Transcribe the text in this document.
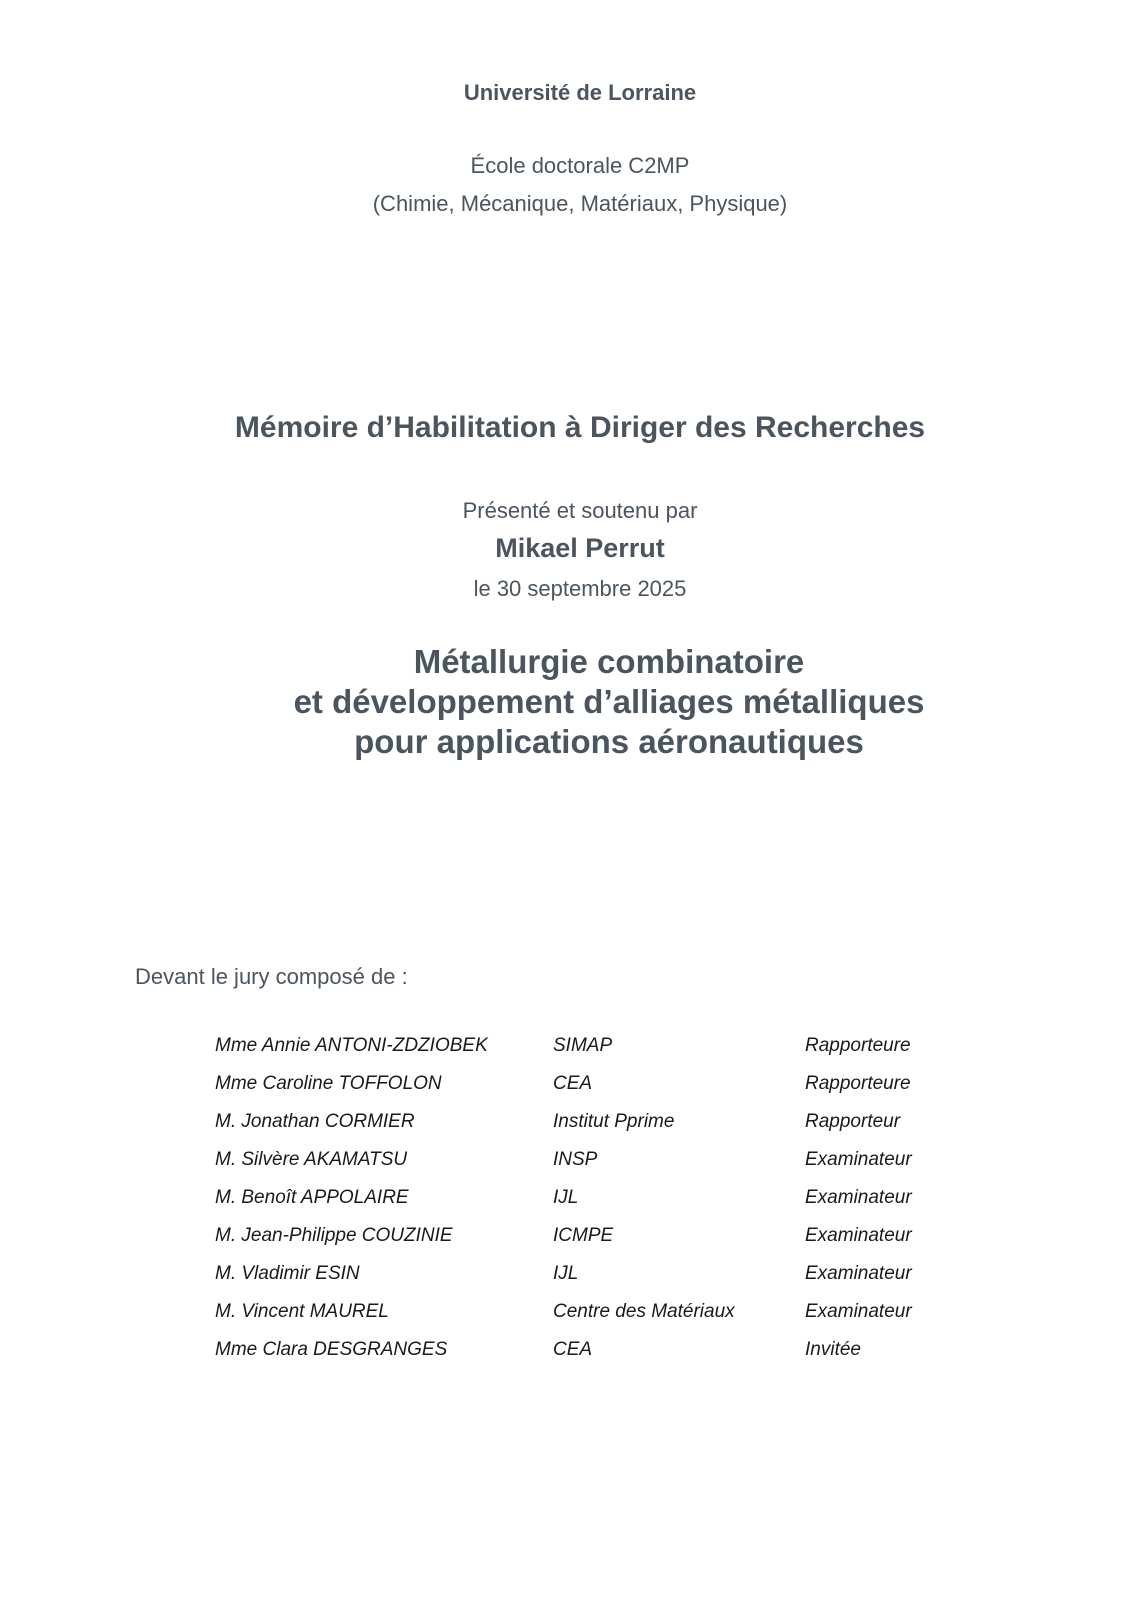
Université de Lorraine
École doctorale C2MP
(Chimie, Mécanique, Matériaux, Physique)
Mémoire d’Habilitation à Diriger des Recherches
Présenté et soutenu par
Mikael Perrut
le 30 septembre 2025
Métallurgie combinatoire
et développement d’alliages métalliques
pour applications aéronautiques
Devant le jury composé de :
Mme Annie ANTONI-ZDZIOBEK	SIMAP	Rapporteure
Mme Caroline TOFFOLON	CEA	Rapporteure
M. Jonathan CORMIER	Institut Pprime	Rapporteur
M. Silvère AKAMATSU	INSP	Examinateur
M. Benoît APPOLAIRE	IJL	Examinateur
M. Jean-Philippe COUZINIE	ICMPE	Examinateur
M. Vladimir ESIN	IJL	Examinateur
M. Vincent MAUREL	Centre des Matériaux	Examinateur
Mme Clara DESGRANGES	CEA	Invitée
